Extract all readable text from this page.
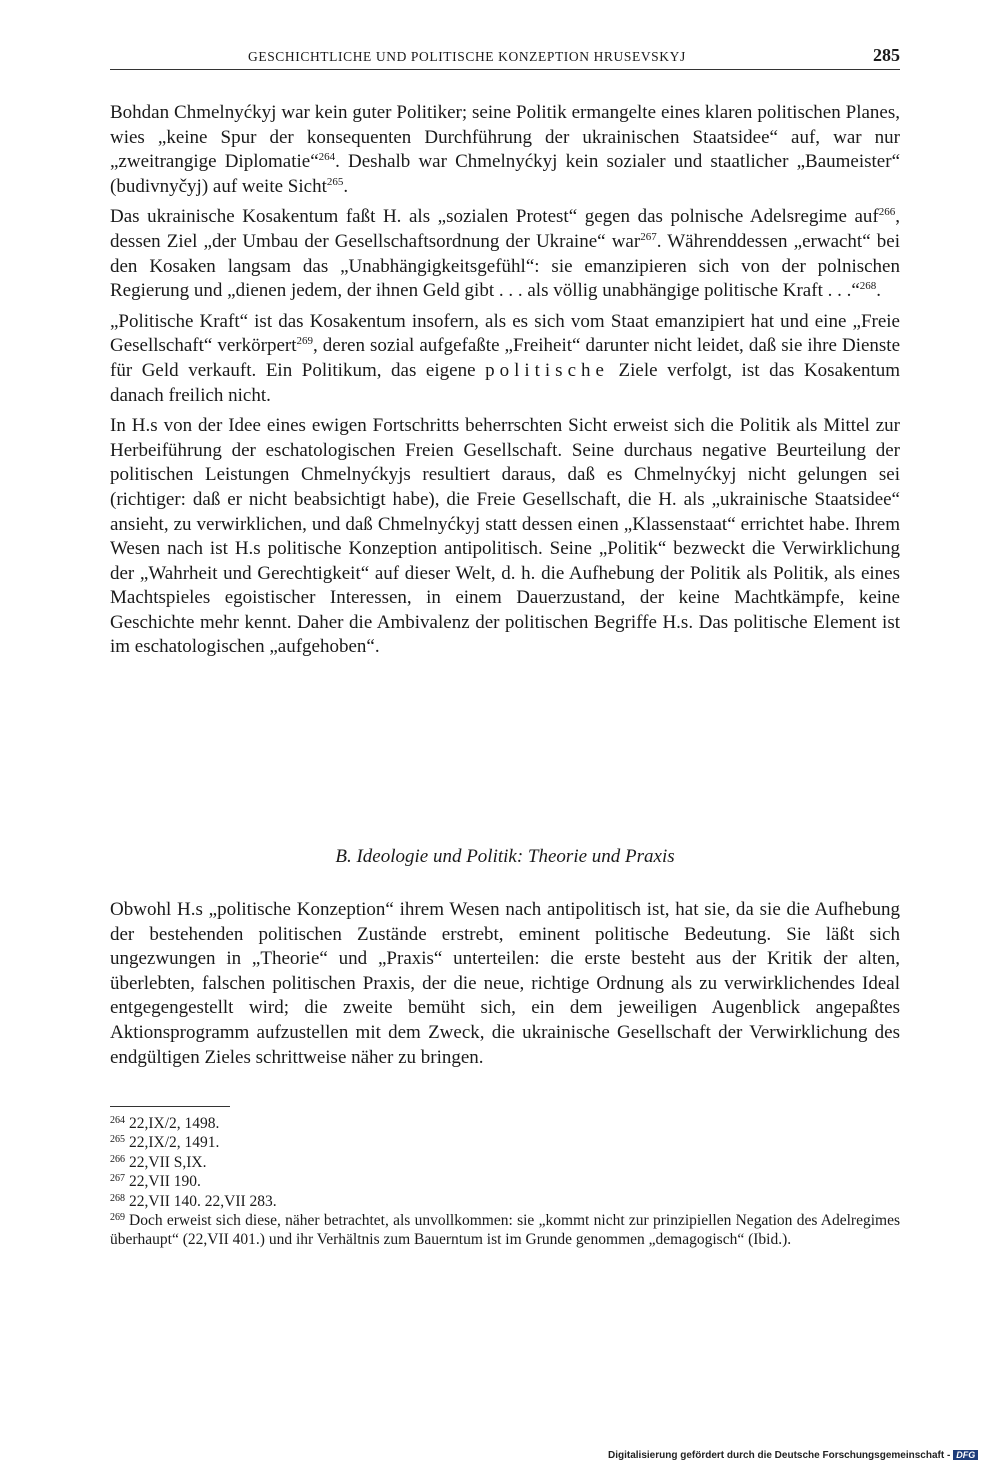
GESCHICHTLICHE UND POLITISCHE KONZEPTION HRUSEVSKYJ	285

Bohdan Chmelnyćkyj war kein guter Politiker; seine Politik ermangelte eines klaren politischen Planes, wies „keine Spur der konsequenten Durchführung der ukrainischen Staatsidee“ auf, war nur „zweitrangige Diplomatie“$^{264}$. Deshalb war Chmelnyćkyj kein sozialer und staatlicher „Baumeister“ (budivnyčyj) auf weite Sicht$^{265}$.

Das ukrainische Kosakentum faßt H. als „sozialen Protest“ gegen das polnische Adelsregime auf$^{266}$, dessen Ziel „der Umbau der Gesellschaftsordnung der Ukraine“ war$^{267}$. Währenddessen „erwacht“ bei den Kosaken langsam das „Unabhängigkeitsgefühl“: sie emanzipieren sich von der polnischen Regierung und „dienen jedem, der ihnen Geld gibt . . . als völlig unabhängige politische Kraft . . .“$^{268}$.

„Politische Kraft“ ist das Kosakentum insofern, als es sich vom Staat emanzipiert hat und eine „Freie Gesellschaft“ verkörpert$^{269}$, deren sozial aufgefaßte „Freiheit“ darunter nicht leidet, daß sie ihre Dienste für Geld verkauft. Ein Politikum, das eigene politische Ziele verfolgt, ist das Kosakentum danach freilich nicht.

In H.s von der Idee eines ewigen Fortschritts beherrschten Sicht erweist sich die Politik als Mittel zur Herbeiführung der eschatologischen Freien Gesellschaft. Seine durchaus negative Beurteilung der politischen Leistungen Chmelnyćkyjs resultiert daraus, daß es Chmelnyćkyj nicht gelungen sei (richtiger: daß er nicht beabsichtigt habe), die Freie Gesellschaft, die H. als „ukrainische Staatsidee“ ansieht, zu verwirklichen, und daß Chmelnyćkyj statt dessen einen „Klassenstaat“ errichtet habe. Ihrem Wesen nach ist H.s politische Konzeption antipolitisch. Seine „Politik“ bezweckt die Verwirklichung der „Wahrheit und Gerechtigkeit“ auf dieser Welt, d. h. die Aufhebung der Politik als Politik, als eines Machtspieles egoistischer Interessen, in einem Dauerzustand, der keine Machtkämpfe, keine Geschichte mehr kennt. Daher die Ambivalenz der politischen Begriffe H.s. Das politische Element ist im eschatologischen „aufgehoben“.

B. Ideologie und Politik: Theorie und Praxis

Obwohl H.s „politische Konzeption“ ihrem Wesen nach antipolitisch ist, hat sie, da sie die Aufhebung der bestehenden politischen Zustände erstrebt, eminent politische Bedeutung. Sie läßt sich ungezwungen in „Theorie“ und „Praxis“ unterteilen: die erste besteht aus der Kritik der alten, überlebten, falschen politischen Praxis, der die neue, richtige Ordnung als zu verwirklichendes Ideal entgegengestellt wird; die zweite bemüht sich, ein dem jeweiligen Augenblick angepaßtes Aktionsprogramm aufzustellen mit dem Zweck, die ukrainische Gesellschaft der Verwirklichung des endgültigen Zieles schrittweise näher zu bringen.

$^{264}$ 22,IX/2, 1498.

$^{265}$ 22,IX/2, 1491.

$^{266}$ 22,VII S,IX.

$^{267}$ 22,VII 190.

$^{268}$ 22,VII 140. 22,VII 283.

$^{269}$ Doch erweist sich diese, näher betrachtet, als unvollkommen: sie „kommt nicht zur prinzipiellen Negation des Adelregimes überhaupt“ (22,VII 401.) und ihr Verhältnis zum Bauerntum ist im Grunde genommen „demagogisch“ (Ibid.).

Digitalisierung gefördert durch die Deutsche Forschungsgemeinschaft - DFG
